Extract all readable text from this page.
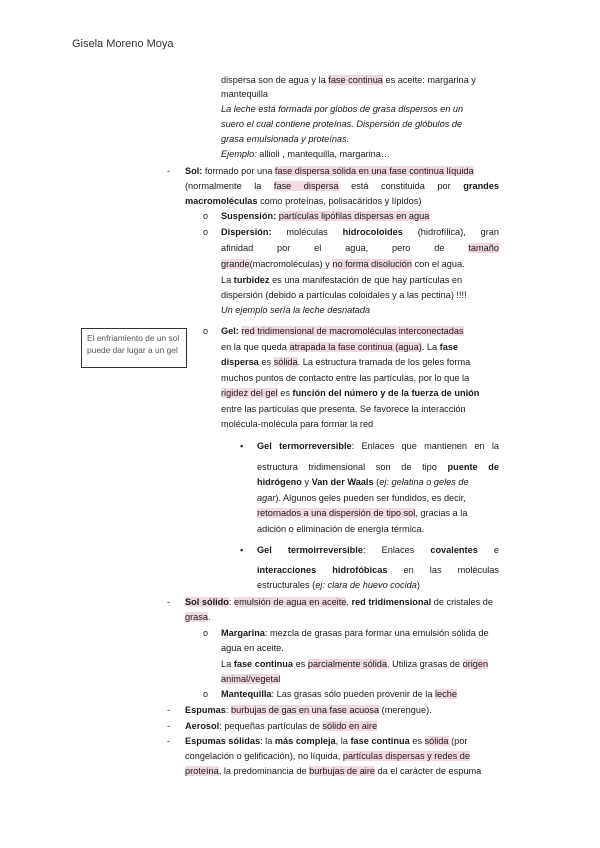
Gisela Moreno Moya
dispersa son de agua y la fase continua es aceite: margarina y
mantequilla
La leche está formada por globos de grasa dispersos en un
suero el cual contiene proteínas. Dispersión de glóbulos de
grasa emulsionada y proteínas.
Ejemplo: allioli , mantequilla, margarina…
- Sol: formado por una fase dispersa sólida en una fase continua líquida
(normalmente la fase dispersa está constituida por grandes
macromoléculas como proteínas, polisacáridos y lípidos)
o Suspensión: partículas lipófilas dispersas en agua
o Dispersión: moléculas hidrocoloides (hidrofílica), gran
afinidad	por	el	agua,	pero	de	tamaño
grande(macromoléculas) y no forma disolución con el agua.
La turbidez es una manifestación de que hay partículas en
dispersión (debido a partículas coloidales y a las pectina) !!!!
Un ejemplo sería la leche desnatada
El enfriamiento de un sol puede dar lugar a un gel
o Gel: red tridimensional de macromoléculas interconectadas
en la que queda atrapada la fase continua (agua). La fase
dispersa es sólida. La estructura tramada de los geles forma
muchos puntos de contacto entre las partículas, por lo que la
rigidez del gel es función del número y de la fuerza de unión
entre las partículas que presenta. Se favorece la interacción
molécula-molécula para formar la red
▪ Gel termorreversible: Enlaces que mantienen en la
estructura tridimensional son de tipo puente de
hidrógeno y Van der Waals (ej: gelatina o geles de
agar). Algunos geles pueden ser fundidos, es decir,
retornados a una dispersión de tipo sol, gracias a la
adición o eliminación de energía térmica.
▪ Gel termoirreversible: Enlaces covalentes e
interacciones hidrofóbicas en las moléculas
estructurales (ej: clara de huevo cocida)
- Sol sólido: emulsión de agua en aceite, red tridimensional de cristales de
grasa.
o Margarina: mezcla de grasas para formar una emulsión sólida de
agua en aceite.
La fase continua es parcialmente sólida. Utiliza grasas de origen
animal/vegetal
o Mantequilla: Las grasas sólo pueden provenir de la leche
- Espumas: burbujas de gas en una fase acuosa (merengue).
- Aerosol: pequeñas partículas de sólido en aire
- Espumas sólidas: la más compleja, la fase continua es sólida (por
congelación o gelificación), no líquida, partículas dispersas y redes de
proteína, la predominancia de burbujas de aire da el carácter de espuma
